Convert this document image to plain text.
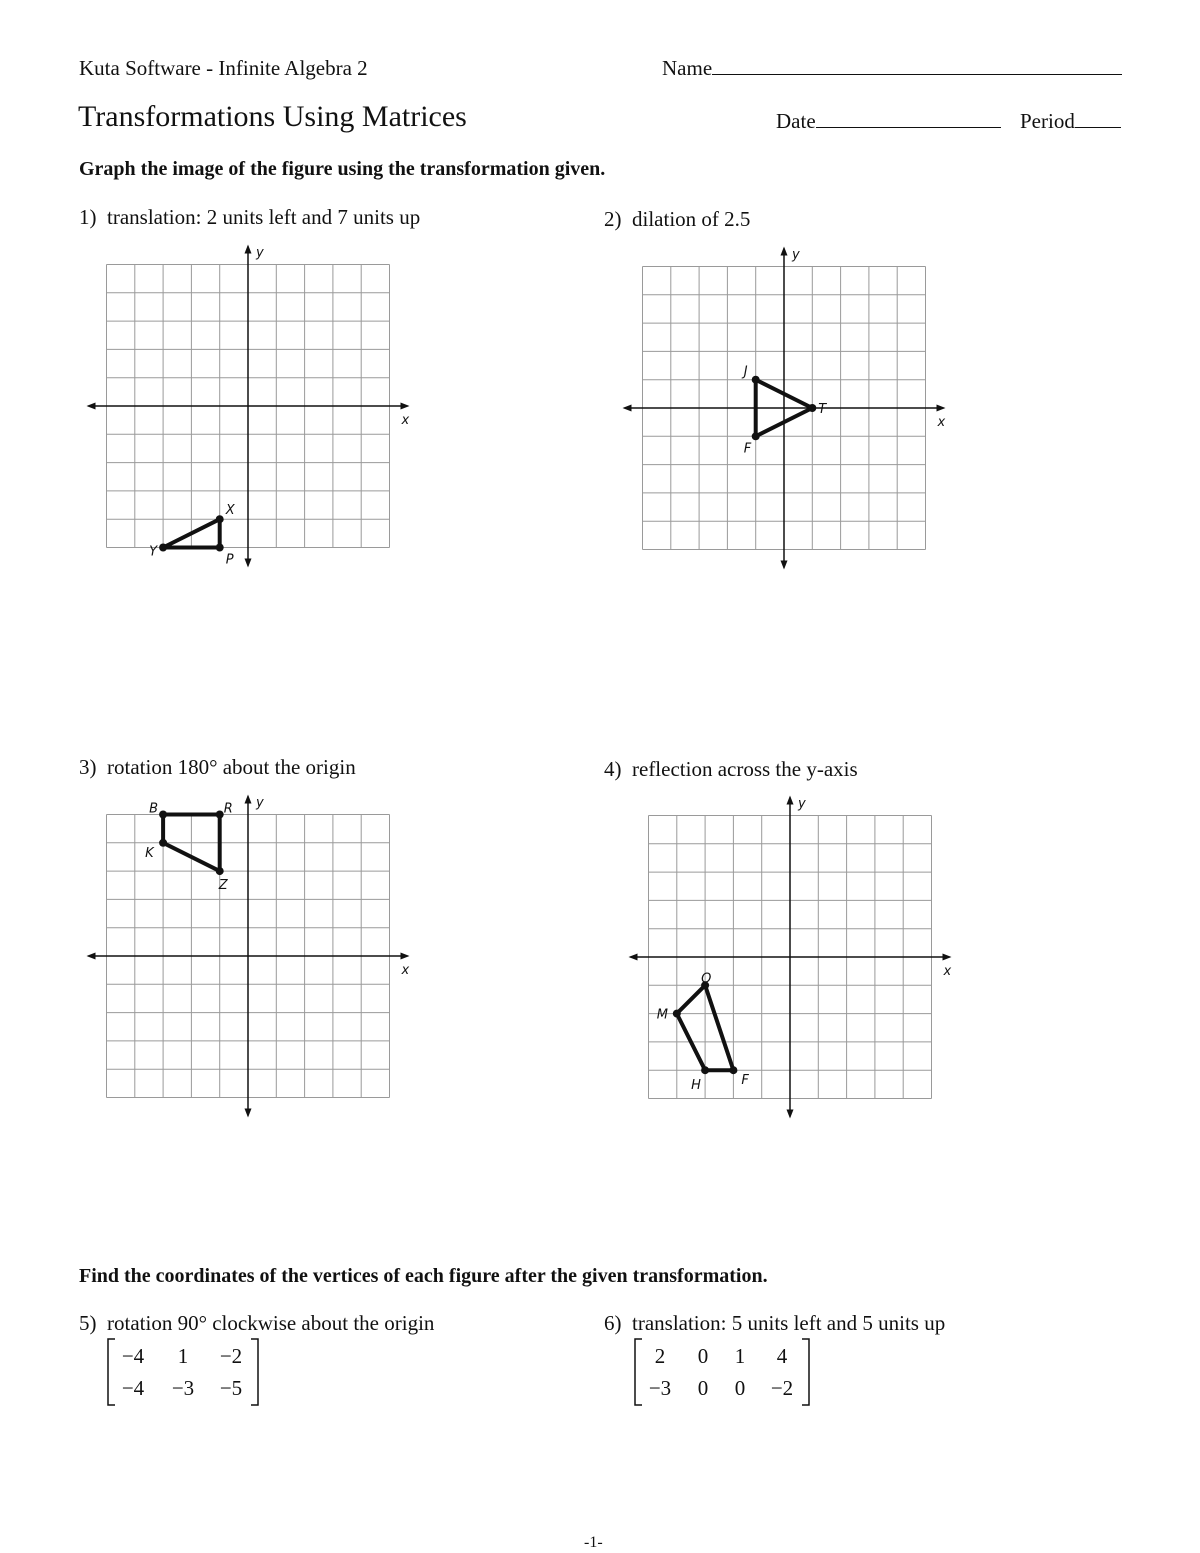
Kuta Software - Infinite Algebra 2	Name
Transformations Using Matrices	Date	Period
Graph the image of the figure using the transformation given.
1) translation: 2 units left and 7 units up	2) dilation of 2.5
3) rotation 180° about the origin	4) reflection across the y-axis
x
y
X
P
Y
x
y
J
T
F
x
y
B	R
Z
K
x
y
Q
F
H
M
Find the coordinates of the vertices of each figure after the given transformation.
5) rotation 90° clockwise about the origin	6) translation: 5 units left and 5 units up
−4	1	−2
−4	−3	−5
2	0	1	4
−3	0	0	−2
-1-
